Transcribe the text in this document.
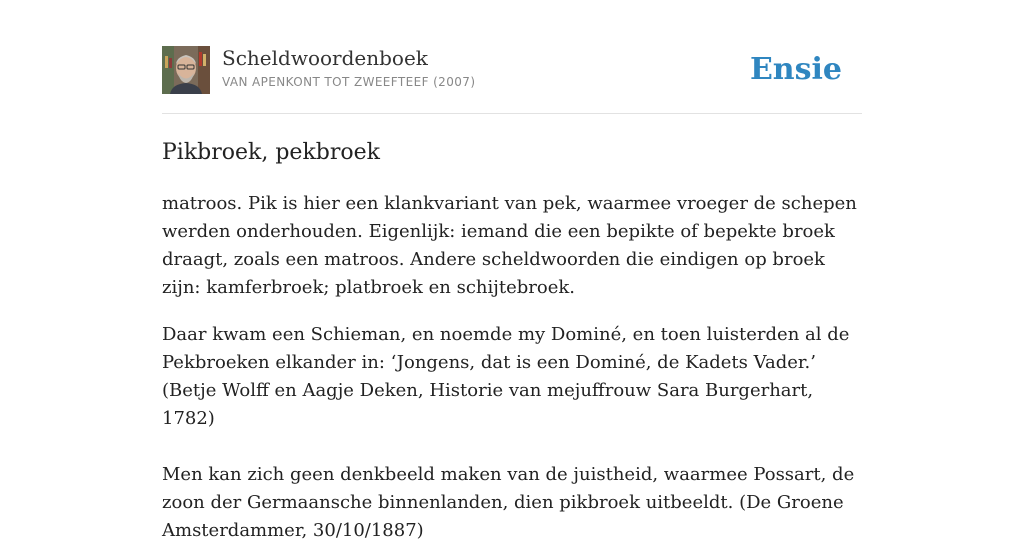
Scheldwoordenboek
VAN APENKONT TOT ZWEEFTEEF (2007)	Ensie
Pikbroek, pekbroek

matroos. Pik is hier een klankvariant van pek, waarmee vroeger de schepen werden onderhouden. Eigenlijk: iemand die een bepikte of bepekte broek draagt, zoals een matroos. Andere scheldwoorden die eindigen op broek zijn: kamferbroek; platbroek en schijtebroek.

Daar kwam een Schieman, en noemde my Dominé, en toen luisterden al de Pekbroeken elkander in: ‘Jongens, dat is een Dominé, de Kadets Vader.’ (Betje Wolff en Aagje Deken, Historie van mejuffrouw Sara Burgerhart, 1782)
Men kan zich geen denkbeeld maken van de juistheid, waarmee Possart, de zoon der Germaansche binnenlanden, dien pikbroek uitbeeldt. (De Groene Amsterdammer, 30/10/1887)
